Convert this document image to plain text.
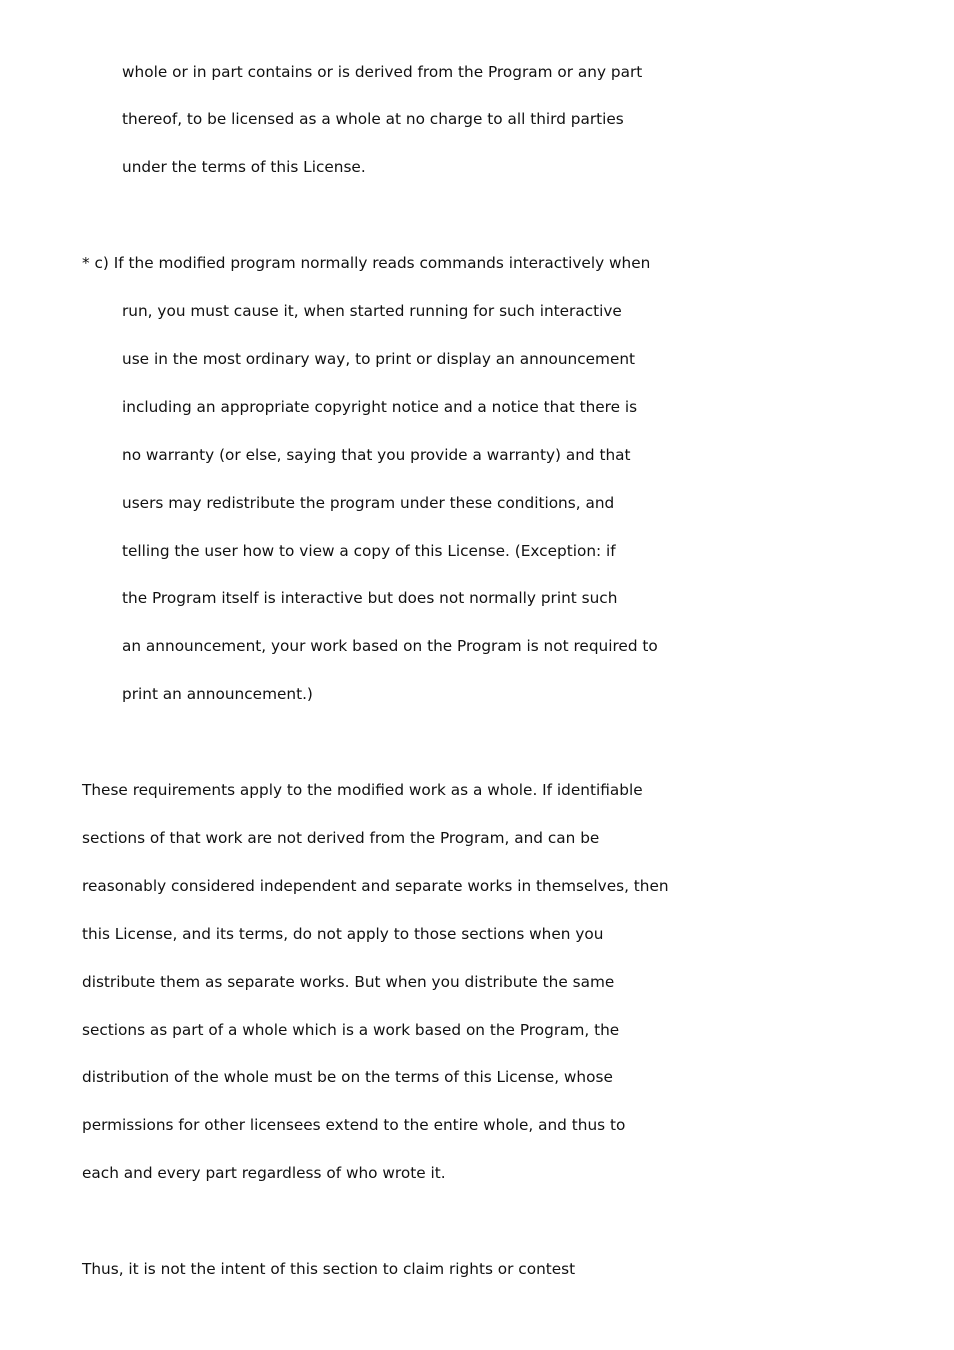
whole or in part contains or is derived from the Program or any part
thereof, to be licensed as a whole at no charge to all third parties
under the terms of this License.
* c) If the modified program normally reads commands interactively when
run, you must cause it, when started running for such interactive
use in the most ordinary way, to print or display an announcement
including an appropriate copyright notice and a notice that there is
no warranty (or else, saying that you provide a warranty) and that
users may redistribute the program under these conditions, and
telling the user how to view a copy of this License. (Exception: if
the Program itself is interactive but does not normally print such
an announcement, your work based on the Program is not required to
print an announcement.)
These requirements apply to the modified work as a whole. If identifiable
sections of that work are not derived from the Program, and can be
reasonably considered independent and separate works in themselves, then
this License, and its terms, do not apply to those sections when you
distribute them as separate works. But when you distribute the same
sections as part of a whole which is a work based on the Program, the
distribution of the whole must be on the terms of this License, whose
permissions for other licensees extend to the entire whole, and thus to
each and every part regardless of who wrote it.
Thus, it is not the intent of this section to claim rights or contest
